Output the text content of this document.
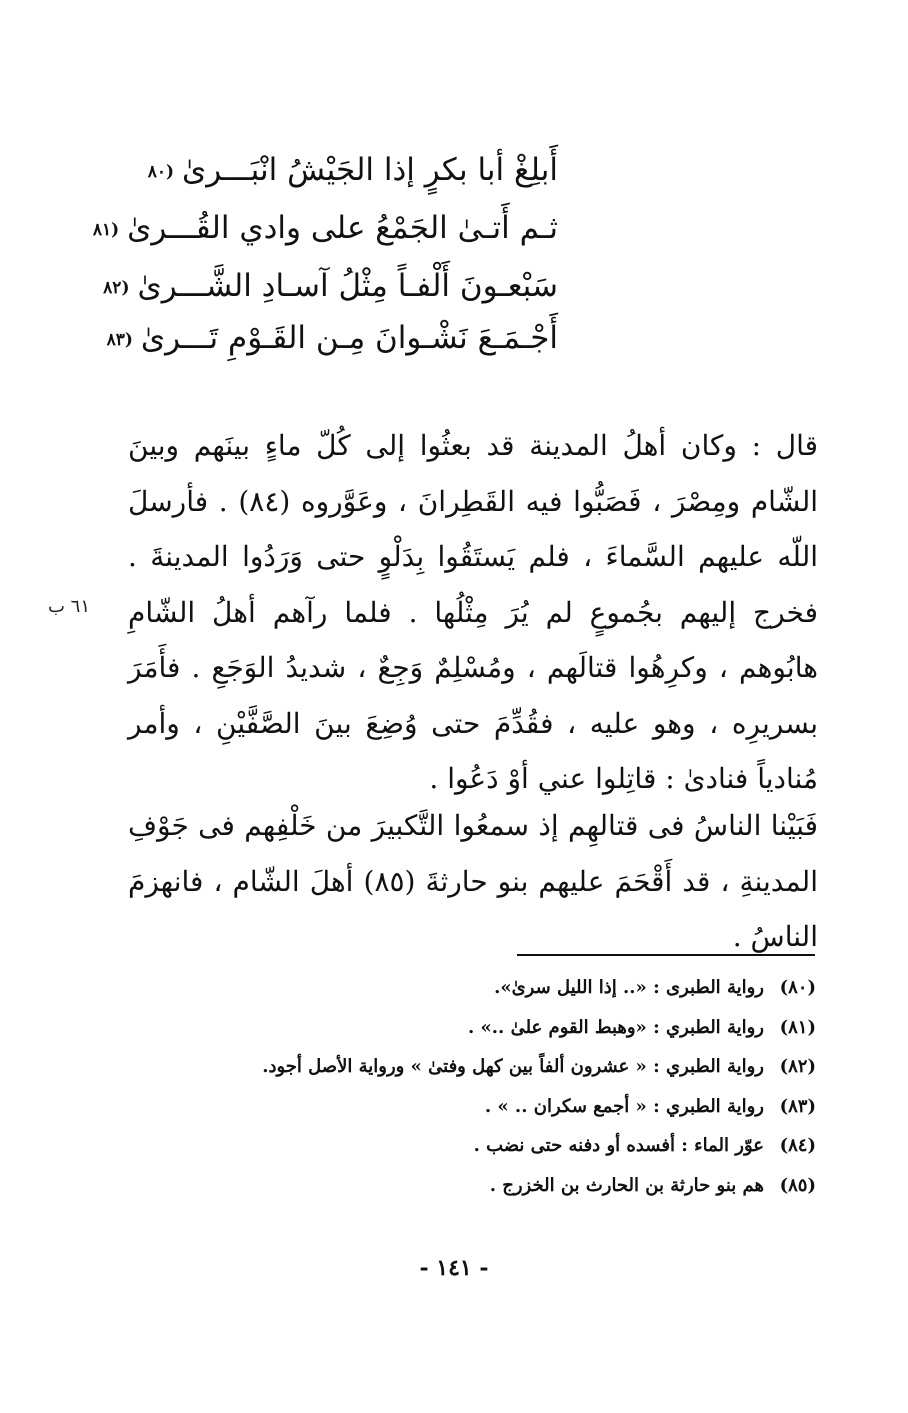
أَبلِغْ أبا بكرٍ إذا الجَيْشُ انْبَـــرىٰ(٨٠
ثـم أَتـىٰ الجَمْعُ على وادي القُـــرىٰ(٨١
سَبْعـونَ أَلْفـاً مِثْلُ آسـادِ الشَّـــرىٰ(٨٢
أَجْـمَـعَ نَشْـوانَ مِـن القَـوْمِ تَـــرىٰ(٨٣

قال : وكان أهلُ المدينة قد بعثُوا إلى كُلّ ماءٍ بينَهم وبينَ الشّام ومِصْرَ ، فَصَبُّوا فيه القَطِرانَ ، وعَوَّروه (٨٤) . فأرسلَ اللّه عليهم السَّماءَ ، فلم يَستَقُوا بِدَلْوٍ حتى وَرَدُوا المدينةَ . فخرج إليهم بجُموعٍ لم يُرَ مِثْلُها . فلما رآهم أهلُ الشّامِ هابُوهم ، وكرِهُوا قتالَهم ، ومُسْلِمٌ وَجِعٌ ، شديدُ الوَجَعِ . فأَمَرَ بسريرِه ، وهو عليه ، فقُدِّمَ حتى وُضِعَ بينَ الصَّفَّيْنِ ، وأمر مُنادياً فنادىٰ : قاتِلوا عني أوْ دَعُوا .

٦١ ب

فَبَيْنا الناسُ فى قتالهِم إذ سمعُوا التَّكبيرَ من خَلْفِهم فى جَوْفِ المدينةِ ، قد أَقْحَمَ عليهم بنو حارثةَ (٨٥) أهلَ الشّام ، فانهزمَ الناسُ .

(٨٠)
رواية الطبرى : «.. إذا الليل سرىٰ».
(٨١)
رواية الطبري : «وهبط القوم علىٰ ..» .
(٨٢)
رواية الطبري : « عشرون ألفاً بين كهل وفتىٰ » ورواية الأصل أجود.
(٨٣)
رواية الطبري : « أجمع سكران .. » .
(٨٤)
عوّر الماء : أفسده أو دفنه حتى نضب .
(٨٥)
هم بنو حارثة بن الحارث بن الخزرج .
- ١٤١ -
